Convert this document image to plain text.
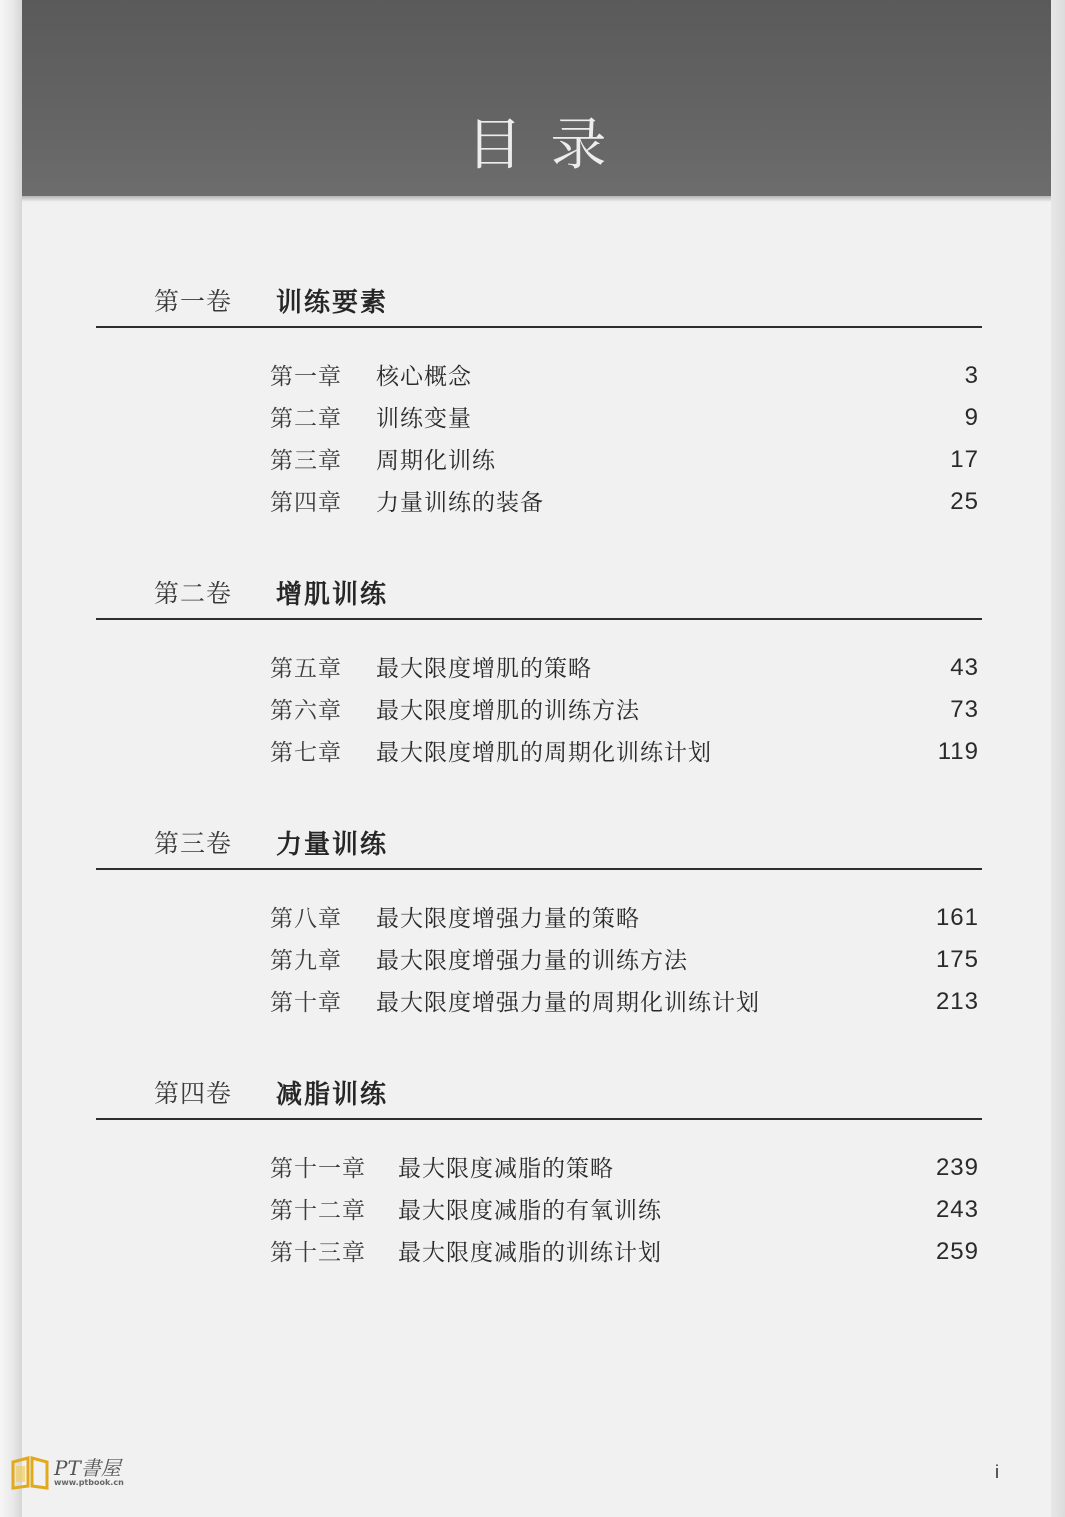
目录
第一卷 训练要素
第一章 核心概念	3
第二章 训练变量	9
第三章 周期化训练	17
第四章 力量训练的装备	25
第二卷 增肌训练
第五章 最大限度增肌的策略	43
第六章 最大限度增肌的训练方法	73
第七章 最大限度增肌的周期化训练计划	119
第三卷 力量训练
第八章 最大限度增强力量的策略	161
第九章 最大限度增强力量的训练方法	175
第十章 最大限度增强力量的周期化训练计划	213
第四卷 减脂训练
第十一章 最大限度减脂的策略	239
第十二章 最大限度减脂的有氧训练	243
第十三章 最大限度减脂的训练计划	259
i
PT書屋
www.ptbook.cn
